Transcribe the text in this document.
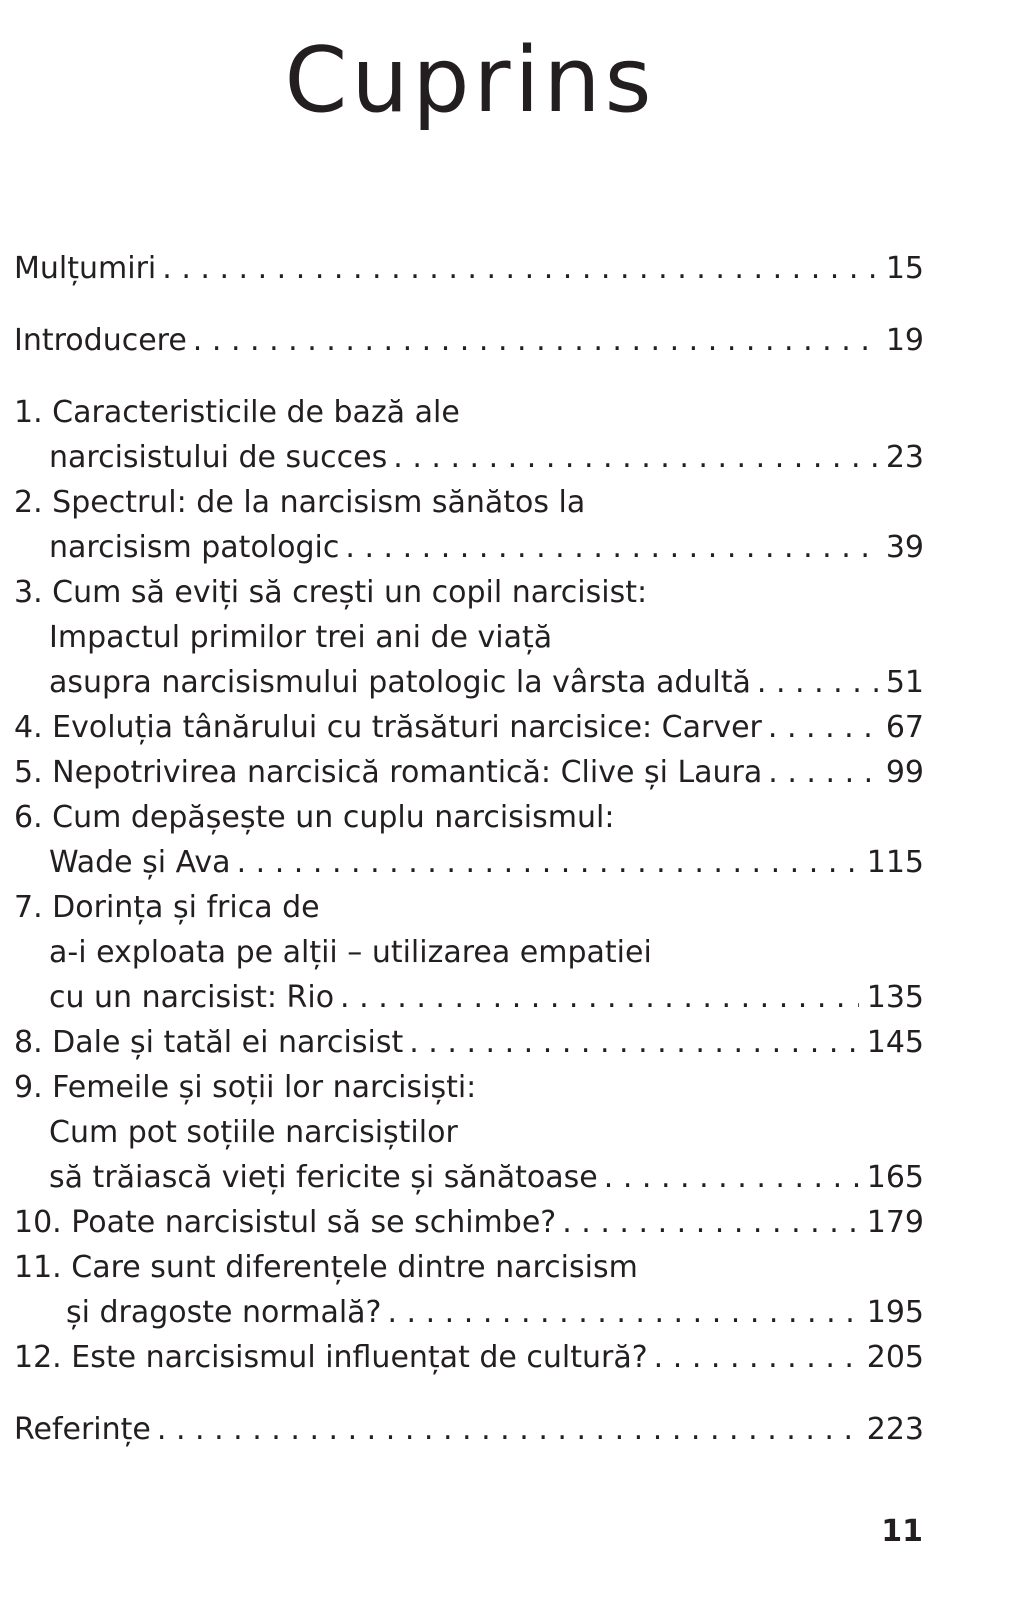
Cuprins
Mulțumiri . . .	15
Introducere . . .	19
1. Caracteristicile de bază ale
narcisistului de succes . . .	23
2. Spectrul: de la narcisism sănătos la
narcisism patologic . . .	39
3. Cum să eviți să crești un copil narcisist:
Impactul primilor trei ani de viață
asupra narcisismului patologic la vârsta adultă . . .	51
4. Evoluția tânărului cu trăsături narcisice: Carver . . .	67
5. Nepotrivirea narcisică romantică: Clive și Laura . . .	99
6. Cum depășește un cuplu narcisismul:
Wade și Ava . . .	115
7. Dorința și frica de
a-i exploata pe alții – utilizarea empatiei
cu un narcisist: Rio . . .	135
8. Dale și tatăl ei narcisist . . .	145
9. Femeile și soții lor narcisiști:
Cum pot soțiile narcisiștilor
să trăiască vieți fericite și sănătoase . . .	165
10. Poate narcisistul să se schimbe? . . .	179
11. Care sunt diferențele dintre narcisism
și dragoste normală? . . .	195
12. Este narcisismul influențat de cultură? . . .	205
Referințe . . .	223
11
